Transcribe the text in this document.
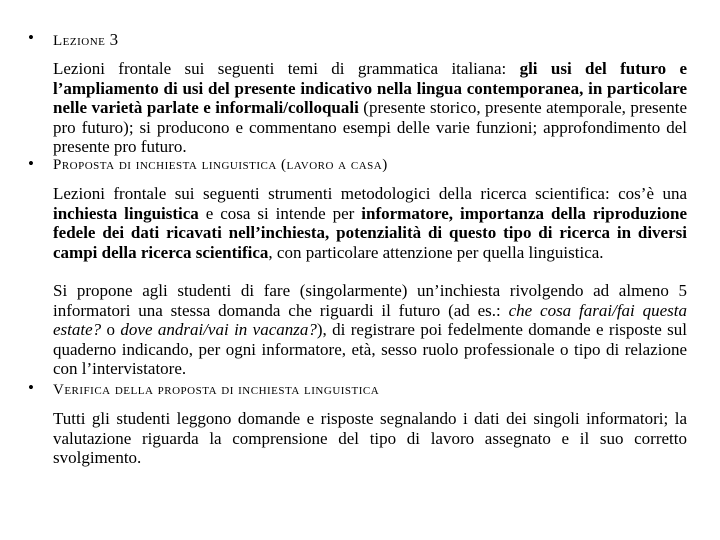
• Lezione 3

Lezioni frontale sui seguenti temi di grammatica italiana: gli usi del futuro e l’ampliamento di usi del presente indicativo nella lingua contemporanea, in particolare nelle varietà parlate e informali/colloquali (presente storico, presente atemporale, presente pro futuro); si producono e commentano esempi delle varie funzioni; approfondimento del presente pro futuro.

• Proposta di inchiesta linguistica (lavoro a casa)

Lezioni frontale sui seguenti strumenti metodologici della ricerca scientifica: cos’è una inchiesta linguistica e cosa si intende per informatore, importanza della riproduzione fedele dei dati ricavati nell’inchiesta, potenzialità di questo tipo di ricerca in diversi campi della ricerca scientifica, con particolare attenzione per quella linguistica.

Si propone agli studenti di fare (singolarmente) un’inchiesta rivolgendo ad almeno 5 informatori una stessa domanda che riguardi il futuro (ad es.: che cosa farai/fai questa estate? o dove andrai/vai in vacanza?), di registrare poi fedelmente domande e risposte sul quaderno indicando, per ogni informatore, età, sesso ruolo professionale o tipo di relazione con l’intervistatore.

• Verifica della proposta di inchiesta linguistica

Tutti gli studenti leggono domande e risposte segnalando i dati dei singoli informatori; la valutazione riguarda la comprensione del tipo di lavoro assegnato e il suo corretto svolgimento.
